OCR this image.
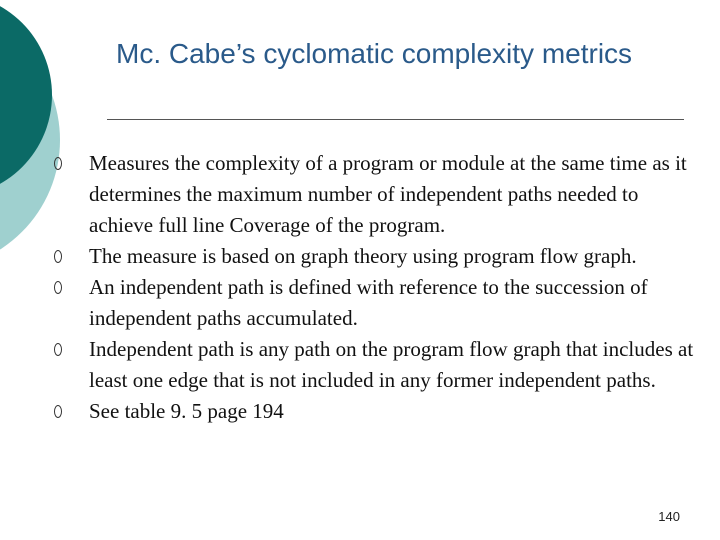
Mc. Cabe’s cyclomatic complexity metrics
Measures the complexity of a program or module at the same time as it determines the maximum number of independent paths needed to achieve full line Coverage of the program.
The measure is based on graph theory using program flow graph.
An independent path is defined with reference to the succession of independent paths accumulated.
Independent path is any path on the program flow graph that includes at least one edge that is not included in any former independent paths.
See table 9. 5 page 194
140
